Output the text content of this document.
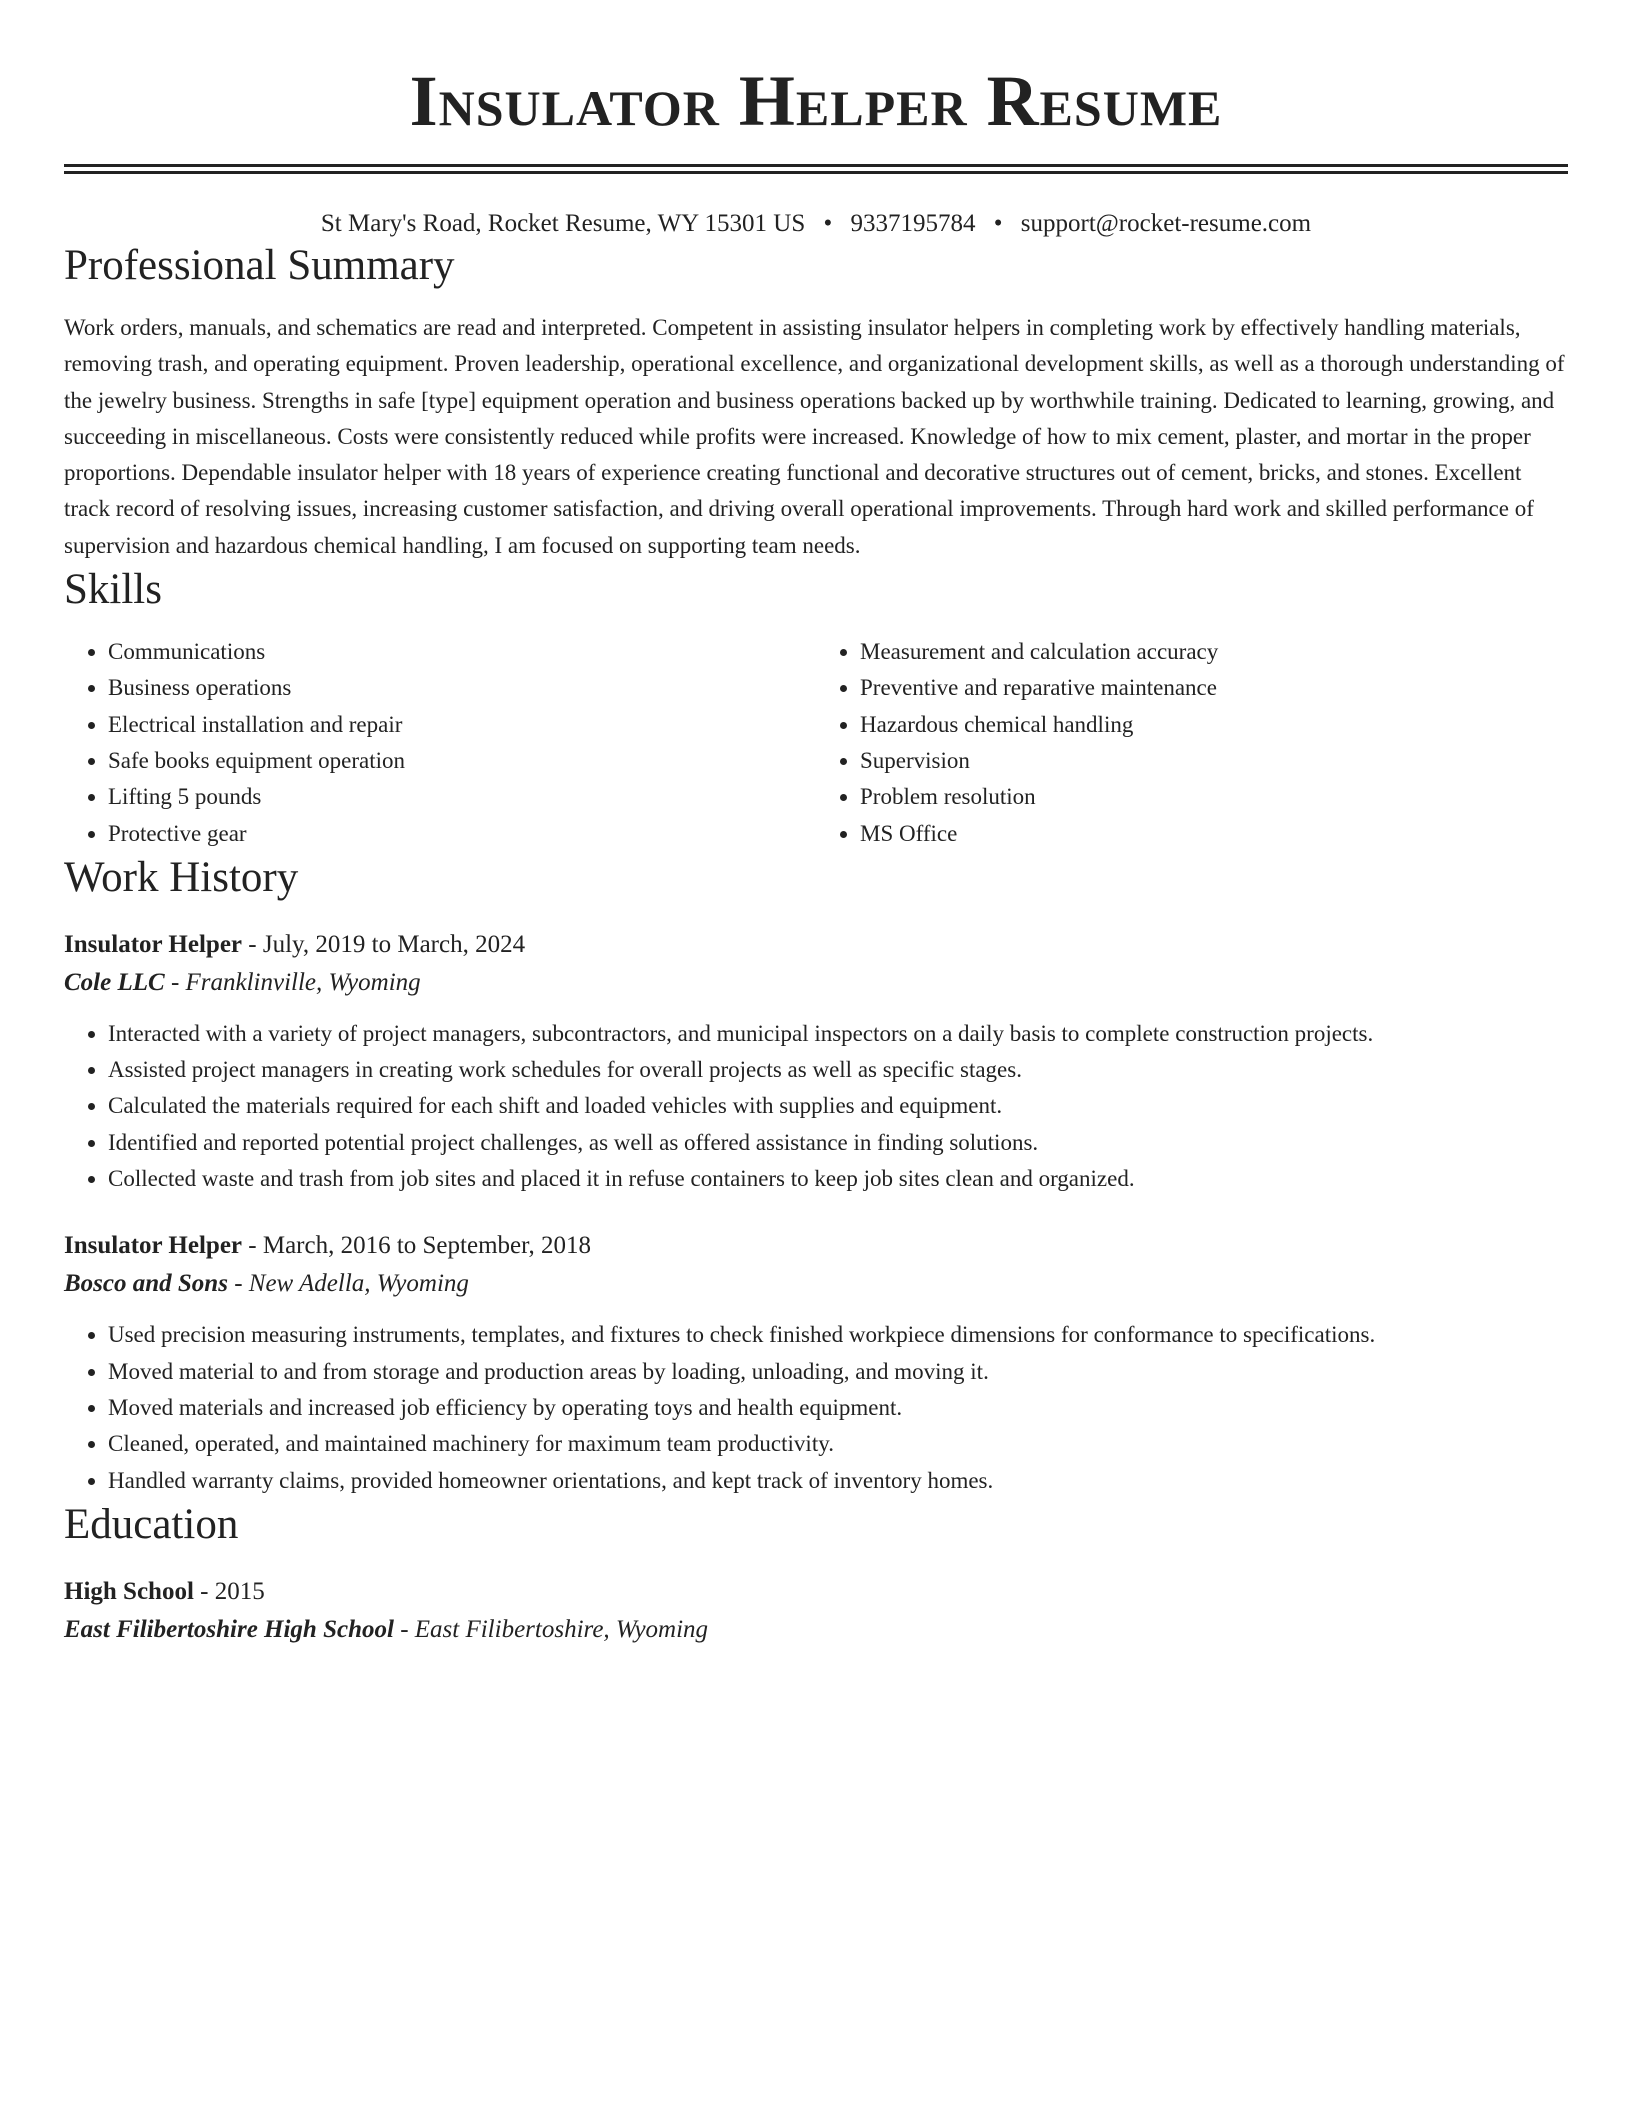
Insulator Helper Resume
St Mary's Road, Rocket Resume, WY 15301 US • 9337195784 • support@rocket-resume.com
Professional Summary

Work orders, manuals, and schematics are read and interpreted. Competent in assisting insulator helpers in completing work by effectively handling materials, removing trash, and operating equipment. Proven leadership, operational excellence, and organizational development skills, as well as a thorough understanding of the jewelry business. Strengths in safe [type] equipment operation and business operations backed up by worthwhile training. Dedicated to learning, growing, and succeeding in miscellaneous. Costs were consistently reduced while profits were increased. Knowledge of how to mix cement, plaster, and mortar in the proper proportions. Dependable insulator helper with 18 years of experience creating functional and decorative structures out of cement, bricks, and stones. Excellent track record of resolving issues, increasing customer satisfaction, and driving overall operational improvements. Through hard work and skilled performance of supervision and hazardous chemical handling, I am focused on supporting team needs.

Skills
• Communications
• Business operations
• Electrical installation and repair
• Safe books equipment operation
• Lifting 5 pounds
• Protective gear
• Measurement and calculation accuracy
• Preventive and reparative maintenance
• Hazardous chemical handling
• Supervision
• Problem resolution
• MS Office
Work History
Insulator Helper - July, 2019 to March, 2024
Cole LLC - Franklinville, Wyoming
• Interacted with a variety of project managers, subcontractors, and municipal inspectors on a daily basis to complete construction projects.
• Assisted project managers in creating work schedules for overall projects as well as specific stages.
• Calculated the materials required for each shift and loaded vehicles with supplies and equipment.
• Identified and reported potential project challenges, as well as offered assistance in finding solutions.
• Collected waste and trash from job sites and placed it in refuse containers to keep job sites clean and organized.
Insulator Helper - March, 2016 to September, 2018
Bosco and Sons - New Adella, Wyoming
• Used precision measuring instruments, templates, and fixtures to check finished workpiece dimensions for conformance to specifications.
• Moved material to and from storage and production areas by loading, unloading, and moving it.
• Moved materials and increased job efficiency by operating toys and health equipment.
• Cleaned, operated, and maintained machinery for maximum team productivity.
• Handled warranty claims, provided homeowner orientations, and kept track of inventory homes.
Education
High School - 2015
East Filibertoshire High School - East Filibertoshire, Wyoming
